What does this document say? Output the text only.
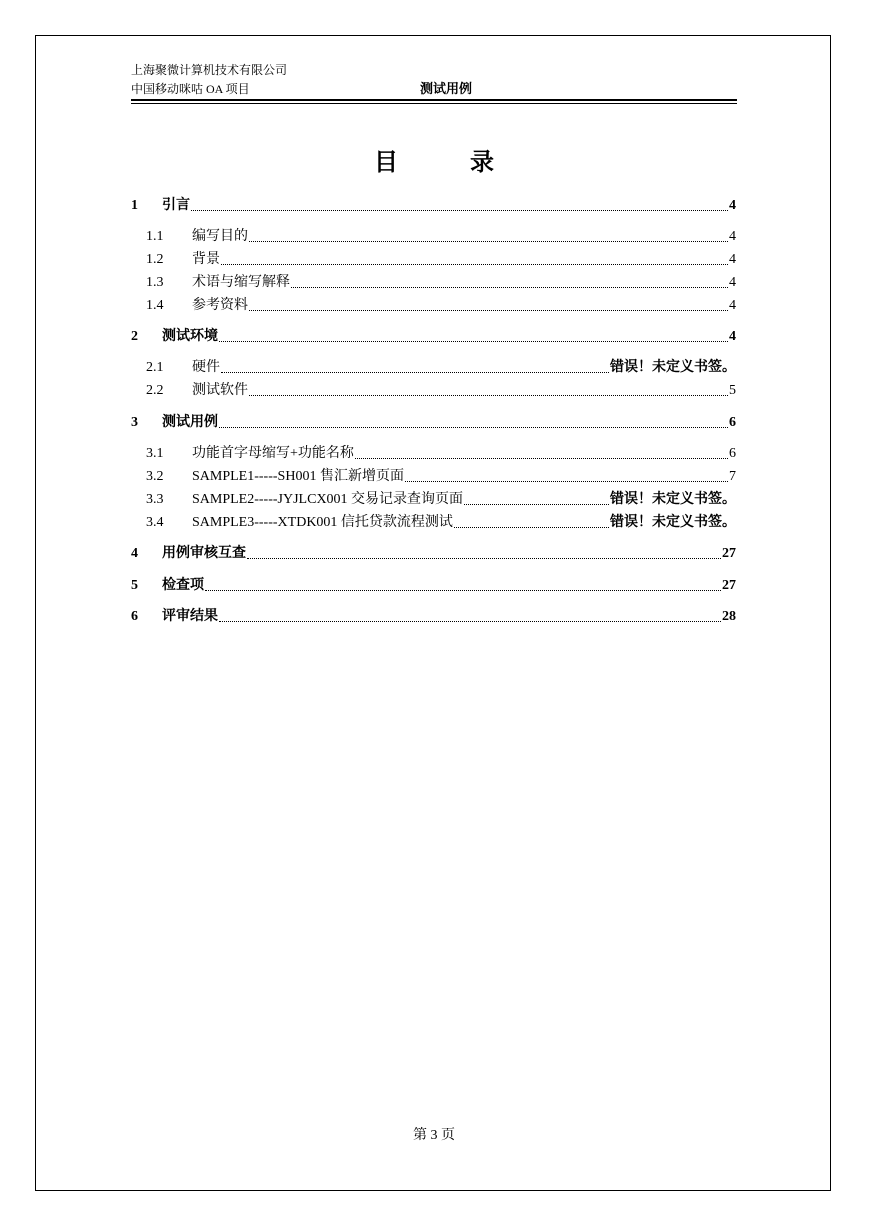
上海聚微计算机技术有限公司
中国移动咪咕 OA 项目	测试用例
目录
1	引言	4
1.1	编写目的	4
1.2	背景	4
1.3	术语与缩写解释	4
1.4	参考资料	4
2	测试环境	4
2.1	硬件	错误！未定义书签。
2.2	测试软件	5
3	测试用例	6
3.1	功能首字母缩写+功能名称	6
3.2	SAMPLE1-----SH001 售汇新增页面	7
3.3	SAMPLE2-----JYJLCX001 交易记录查询页面	错误！未定义书签。
3.4	SAMPLE3-----XTDK001 信托贷款流程测试	错误！未定义书签。
4	用例审核互查	27
5	检查项	27
6	评审结果	28
第 3 页
